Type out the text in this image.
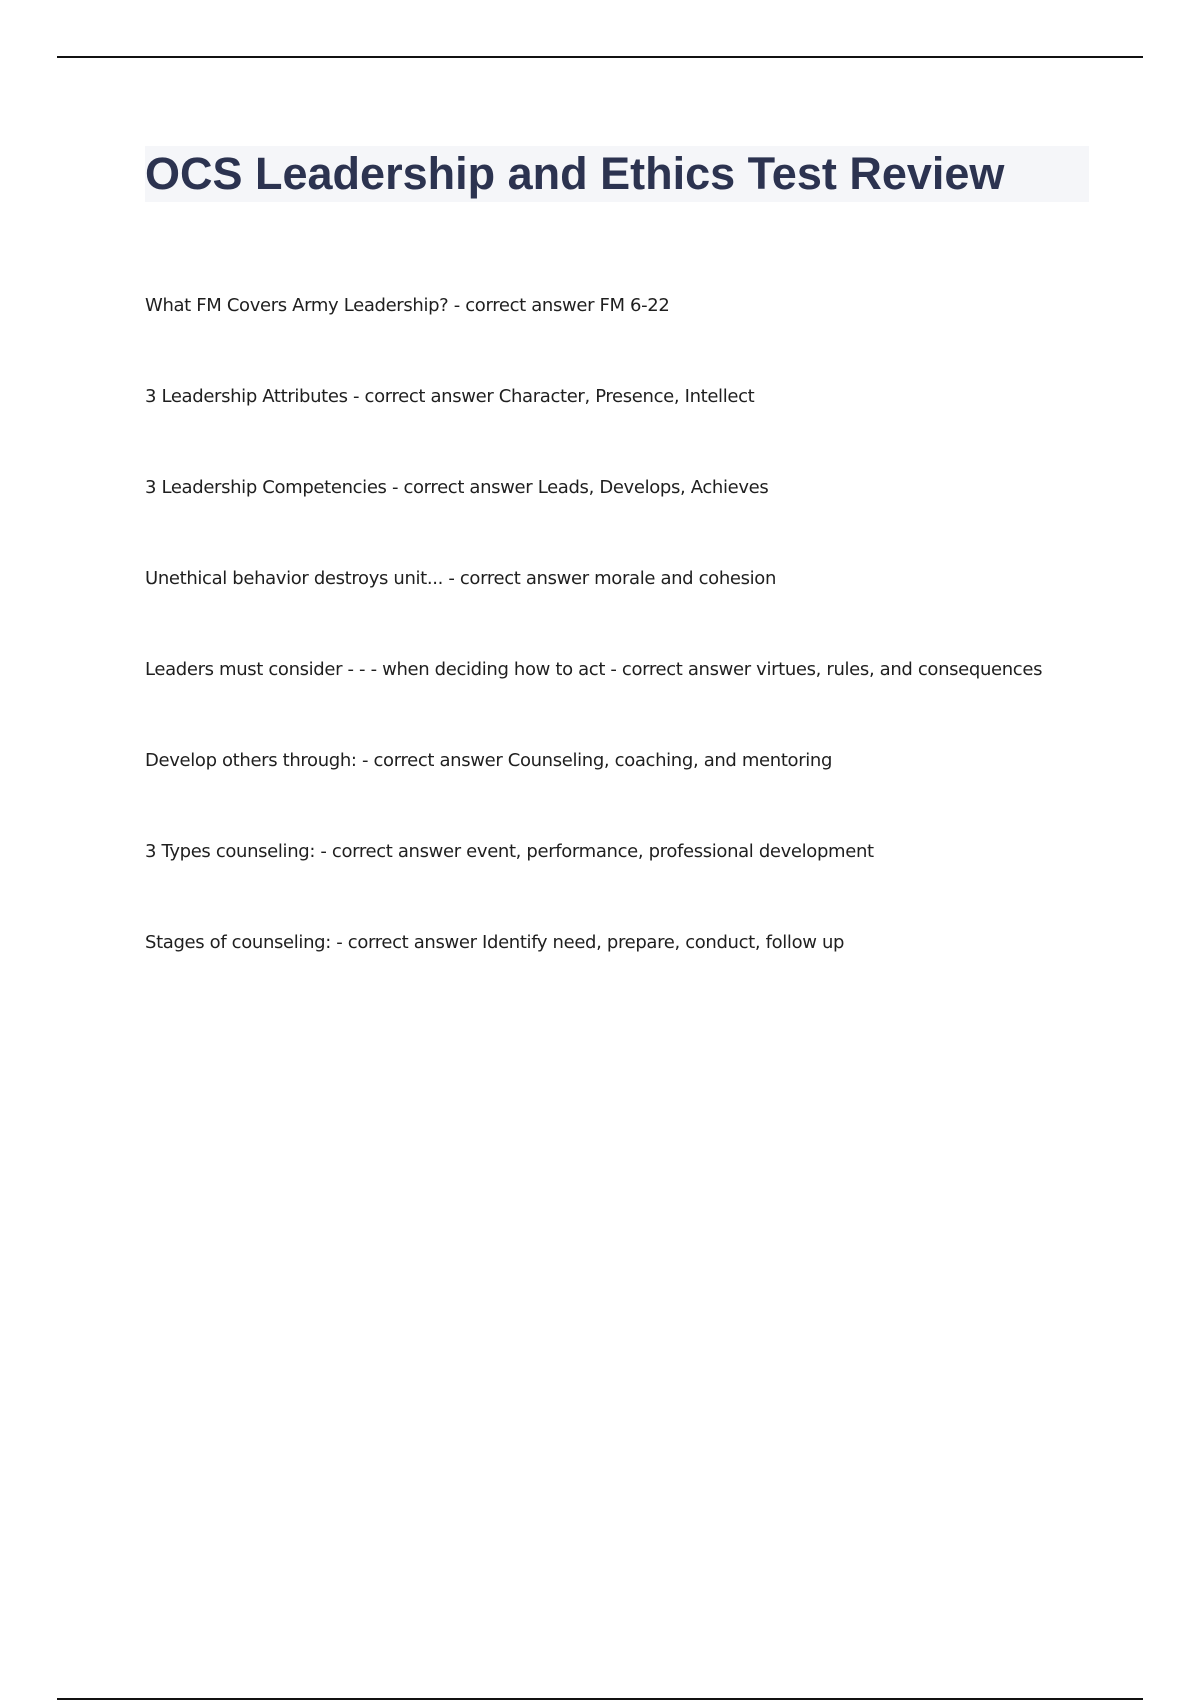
OCS Leadership and Ethics Test Review
What FM Covers Army Leadership? - correct answer FM 6-22
3 Leadership Attributes - correct answer Character, Presence, Intellect
3 Leadership Competencies - correct answer Leads, Develops, Achieves
Unethical behavior destroys unit... - correct answer morale and cohesion
Leaders must consider - - - when deciding how to act - correct answer virtues, rules, and consequences
Develop others through: - correct answer Counseling, coaching, and mentoring
3 Types counseling: - correct answer event, performance, professional development
Stages of counseling: - correct answer Identify need, prepare, conduct, follow up
